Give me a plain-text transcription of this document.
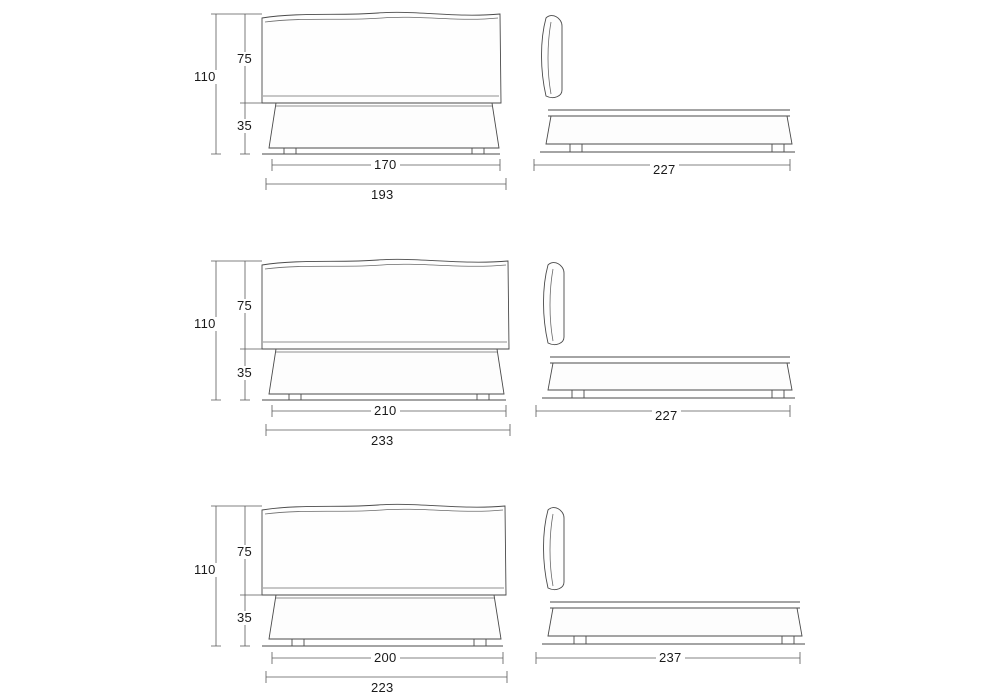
110
75
35
170
193
227
110
75
35
210
233
227
110
75
35
200
223
237
